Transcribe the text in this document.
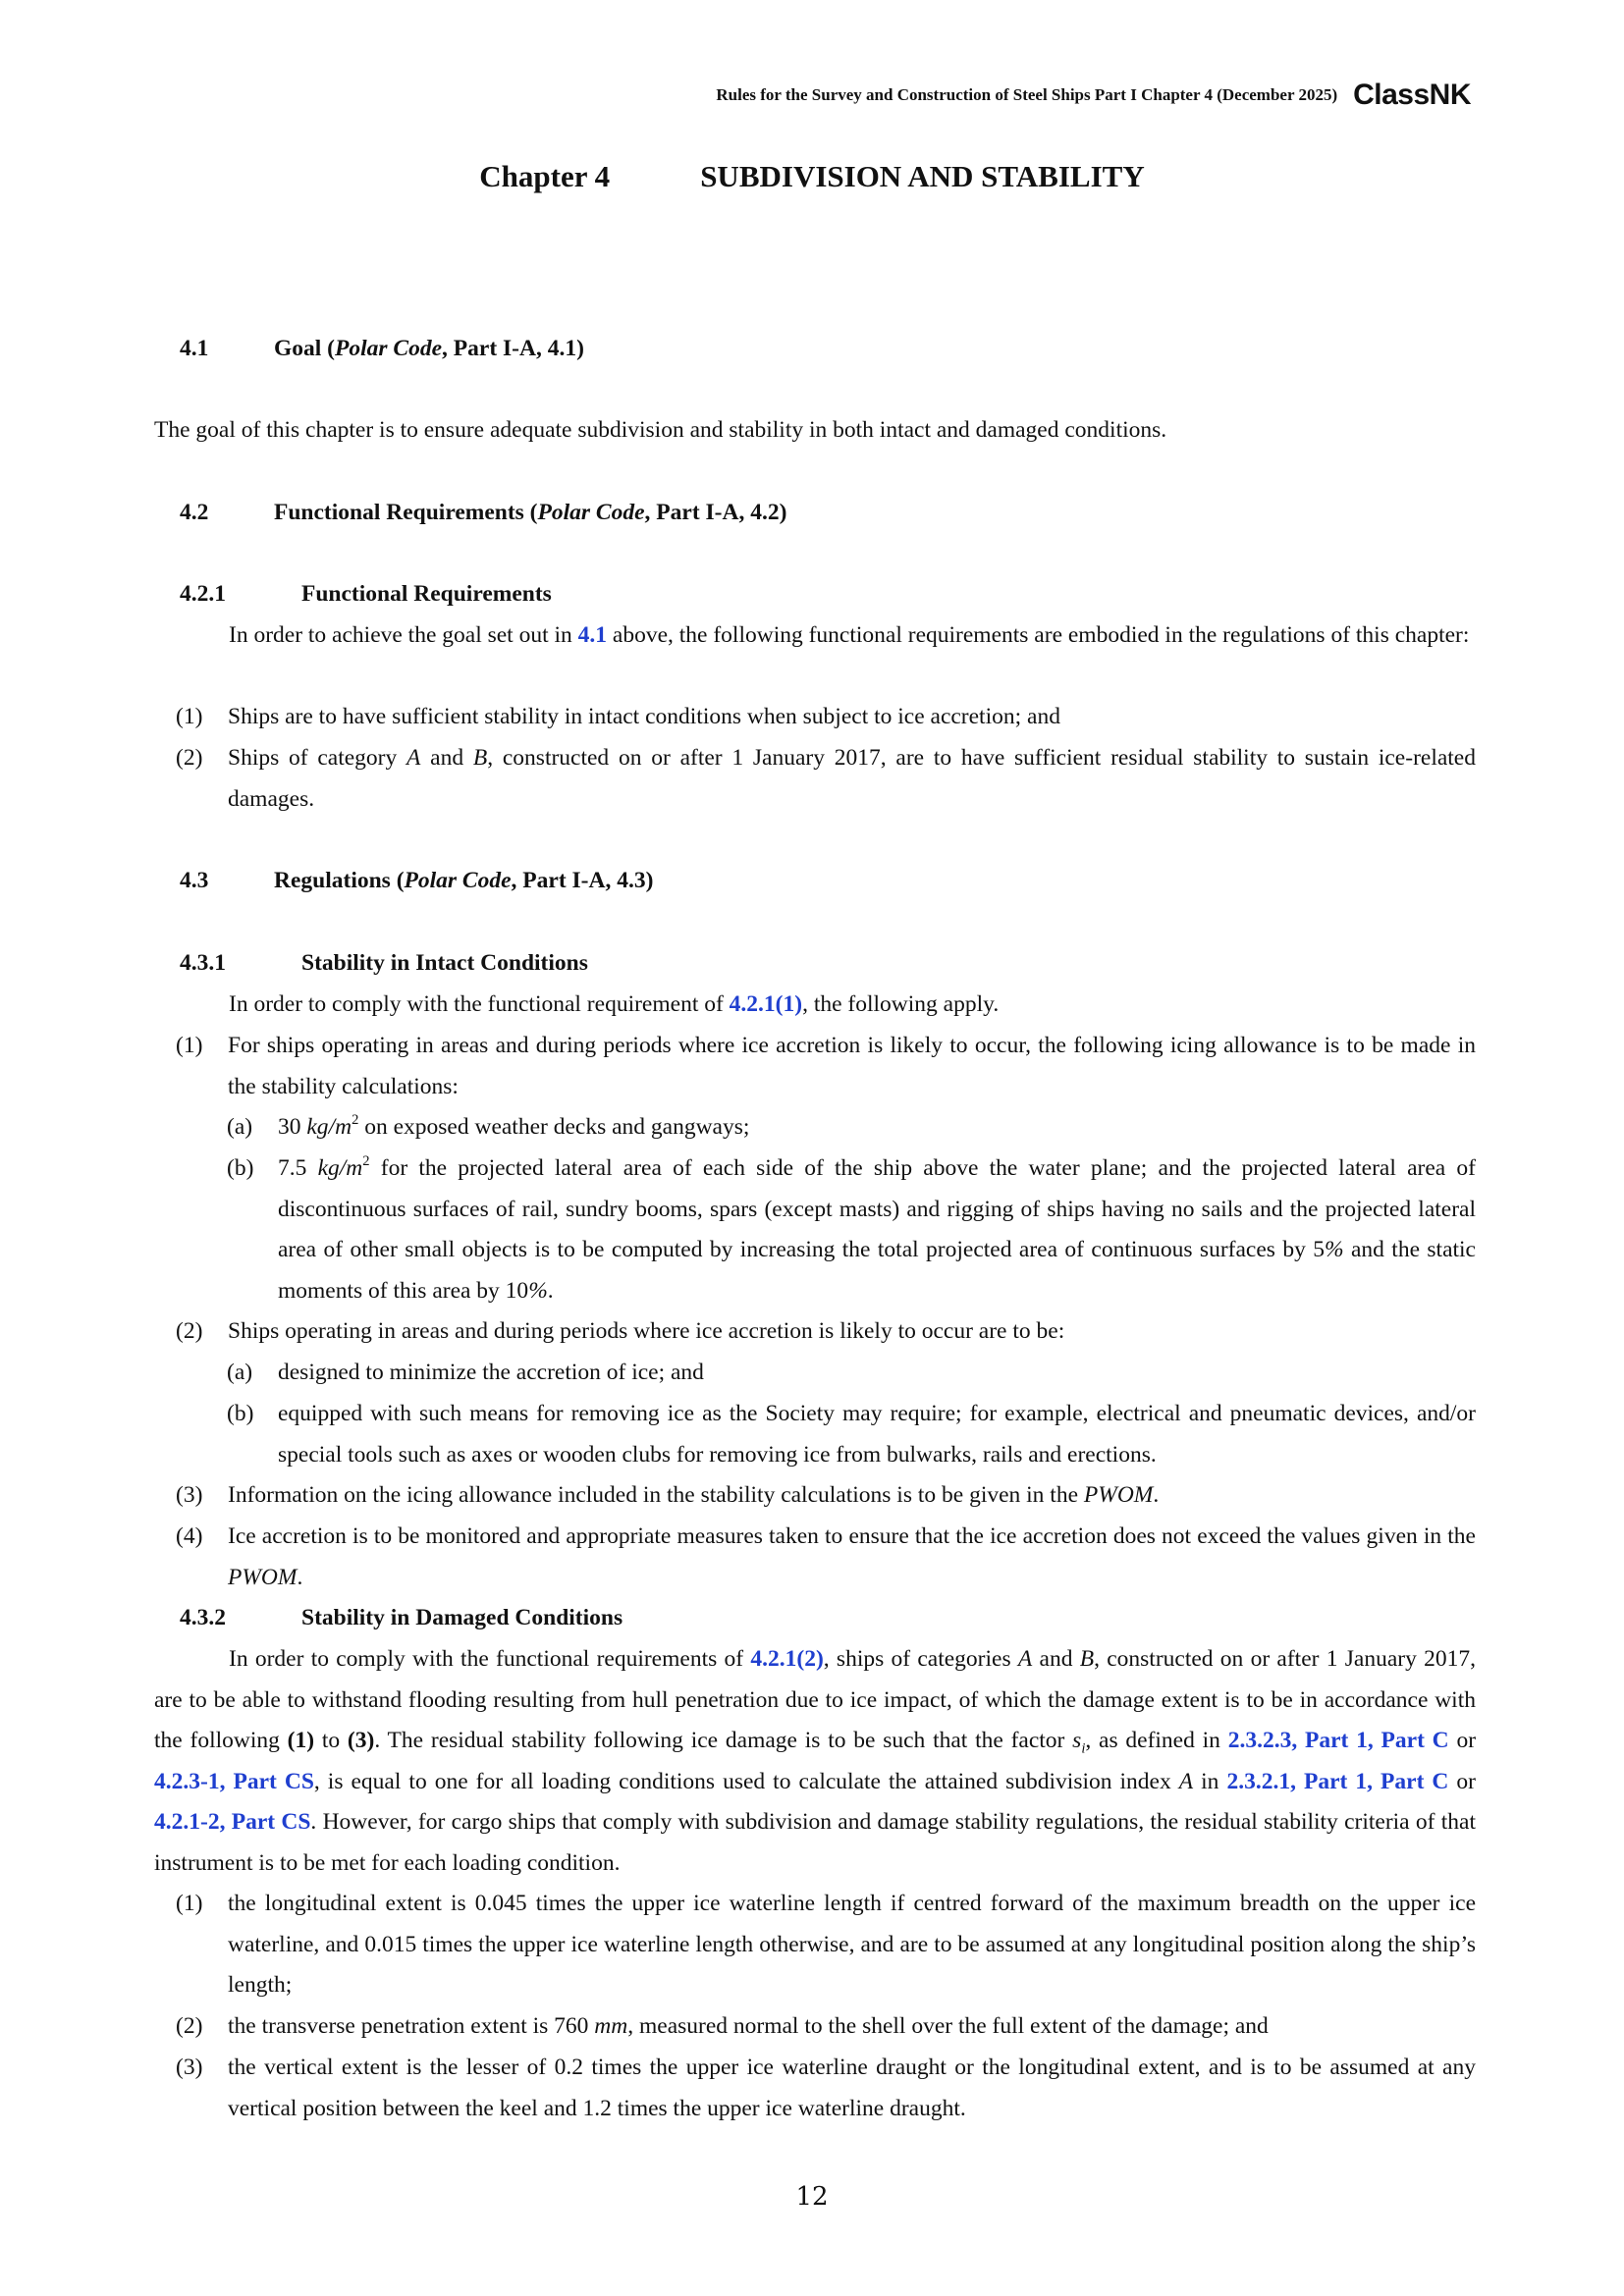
Rules for the Survey and Construction of Steel Ships Part I Chapter 4 (December 2025) ClassNK
Chapter 4	SUBDIVISION AND STABILITY
4.1	Goal (Polar Code, Part I-A, 4.1)
The goal of this chapter is to ensure adequate subdivision and stability in both intact and damaged conditions.
4.2	Functional Requirements (Polar Code, Part I-A, 4.2)
4.2.1	Functional Requirements
In order to achieve the goal set out in 4.1 above, the following functional requirements are embodied in the regulations of this chapter:
(1) Ships are to have sufficient stability in intact conditions when subject to ice accretion; and
(2) Ships of category A and B, constructed on or after 1 January 2017, are to have sufficient residual stability to sustain ice-related damages.
4.3	Regulations (Polar Code, Part I-A, 4.3)
4.3.1	Stability in Intact Conditions
In order to comply with the functional requirement of 4.2.1(1), the following apply.
(1) For ships operating in areas and during periods where ice accretion is likely to occur, the following icing allowance is to be made in the stability calculations:
(a) 30 $kg/m^2$ on exposed weather decks and gangways;
(b) 7.5 $kg/m^2$ for the projected lateral area of each side of the ship above the water plane; and the projected lateral area of discontinuous surfaces of rail, sundry booms, spars (except masts) and rigging of ships having no sails and the projected lateral area of other small objects is to be computed by increasing the total projected area of continuous surfaces by 5% and the static moments of this area by 10%.
(2) Ships operating in areas and during periods where ice accretion is likely to occur are to be:
(a) designed to minimize the accretion of ice; and
(b) equipped with such means for removing ice as the Society may require; for example, electrical and pneumatic devices, and/or special tools such as axes or wooden clubs for removing ice from bulwarks, rails and erections.
(3) Information on the icing allowance included in the stability calculations is to be given in the PWOM.
(4) Ice accretion is to be monitored and appropriate measures taken to ensure that the ice accretion does not exceed the values given in the PWOM.
4.3.2	Stability in Damaged Conditions
In order to comply with the functional requirements of 4.2.1(2), ships of categories A and B, constructed on or after 1 January 2017, are to be able to withstand flooding resulting from hull penetration due to ice impact, of which the damage extent is to be in accordance with the following (1) to (3). The residual stability following ice damage is to be such that the factor $s_i$, as defined in 2.3.2.3, Part 1, Part C or 4.2.3-1, Part CS, is equal to one for all loading conditions used to calculate the attained subdivision index A in 2.3.2.1, Part 1, Part C or 4.2.1-2, Part CS. However, for cargo ships that comply with subdivision and damage stability regulations, the residual stability criteria of that instrument is to be met for each loading condition.
(1) the longitudinal extent is 0.045 times the upper ice waterline length if centred forward of the maximum breadth on the upper ice waterline, and 0.015 times the upper ice waterline length otherwise, and are to be assumed at any longitudinal position along the ship’s length;
(2) the transverse penetration extent is 760 mm, measured normal to the shell over the full extent of the damage; and
(3) the vertical extent is the lesser of 0.2 times the upper ice waterline draught or the longitudinal extent, and is to be assumed at any vertical position between the keel and 1.2 times the upper ice waterline draught.
12
